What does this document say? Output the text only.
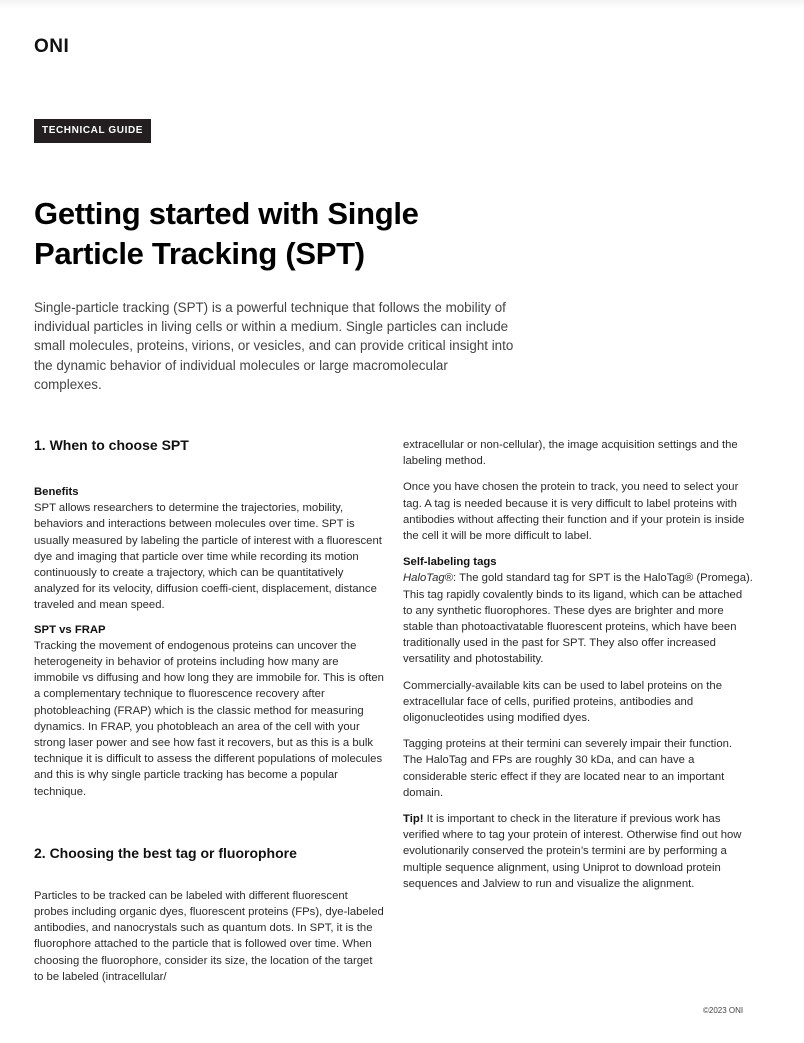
ONI
TECHNICAL GUIDE
Getting started with Single Particle Tracking (SPT)

Single-particle tracking (SPT) is a powerful technique that follows the mobility of individual particles in living cells or within a medium. Single particles can include small molecules, proteins, virions, or vesicles, and can provide critical insight into the dynamic behavior of individual molecules or large macromolecular complexes.

1. When to choose SPT

Benefits

SPT allows researchers to determine the trajectories, mobility, behaviors and interactions between molecules over time. SPT is usually measured by labeling the particle of interest with a fluorescent dye and imaging that particle over time while recording its motion continuously to create a trajectory, which can be quantitatively analyzed for its velocity, diffusion coeffi-cient, displacement, distance traveled and mean speed.

SPT vs FRAP

Tracking the movement of endogenous proteins can uncover the heterogeneity in behavior of proteins including how many are immobile vs diffusing and how long they are immobile for. This is often a complementary technique to fluorescence recovery after photobleaching (FRAP) which is the classic method for measuring dynamics. In FRAP, you photobleach an area of the cell with your strong laser power and see how fast it recovers, but as this is a bulk technique it is difficult to assess the different populations of molecules and this is why single particle tracking has become a popular technique.

2. Choosing the best tag or fluorophore

Particles to be tracked can be labeled with different fluorescent probes including organic dyes, fluorescent proteins (FPs), dye-labeled antibodies, and nanocrystals such as quantum dots. In SPT, it is the fluorophore attached to the particle that is followed over time. When choosing the fluorophore, consider its size, the location of the target to be labeled (intracellular/

extracellular or non-cellular), the image acquisition settings and the labeling method.

Once you have chosen the protein to track, you need to select your tag. A tag is needed because it is very difficult to label proteins with antibodies without affecting their function and if your protein is inside the cell it will be more difficult to label.

Self-labeling tags

HaloTag®: The gold standard tag for SPT is the HaloTag® (Promega). This tag rapidly covalently binds to its ligand, which can be attached to any synthetic fluorophores. These dyes are brighter and more stable than photoactivatable fluorescent proteins, which have been traditionally used in the past for SPT. They also offer increased versatility and photostability.

Commercially-available kits can be used to label proteins on the extracellular face of cells, purified proteins, antibodies and oligonucleotides using modified dyes.

Tagging proteins at their termini can severely impair their function. The HaloTag and FPs are roughly 30 kDa, and can have a considerable steric effect if they are located near to an important domain.

Tip! It is important to check in the literature if previous work has verified where to tag your protein of interest. Otherwise find out how evolutionarily conserved the protein’s termini are by performing a multiple sequence alignment, using Uniprot to download protein sequences and Jalview to run and visualize the alignment.

©2023 ONI
